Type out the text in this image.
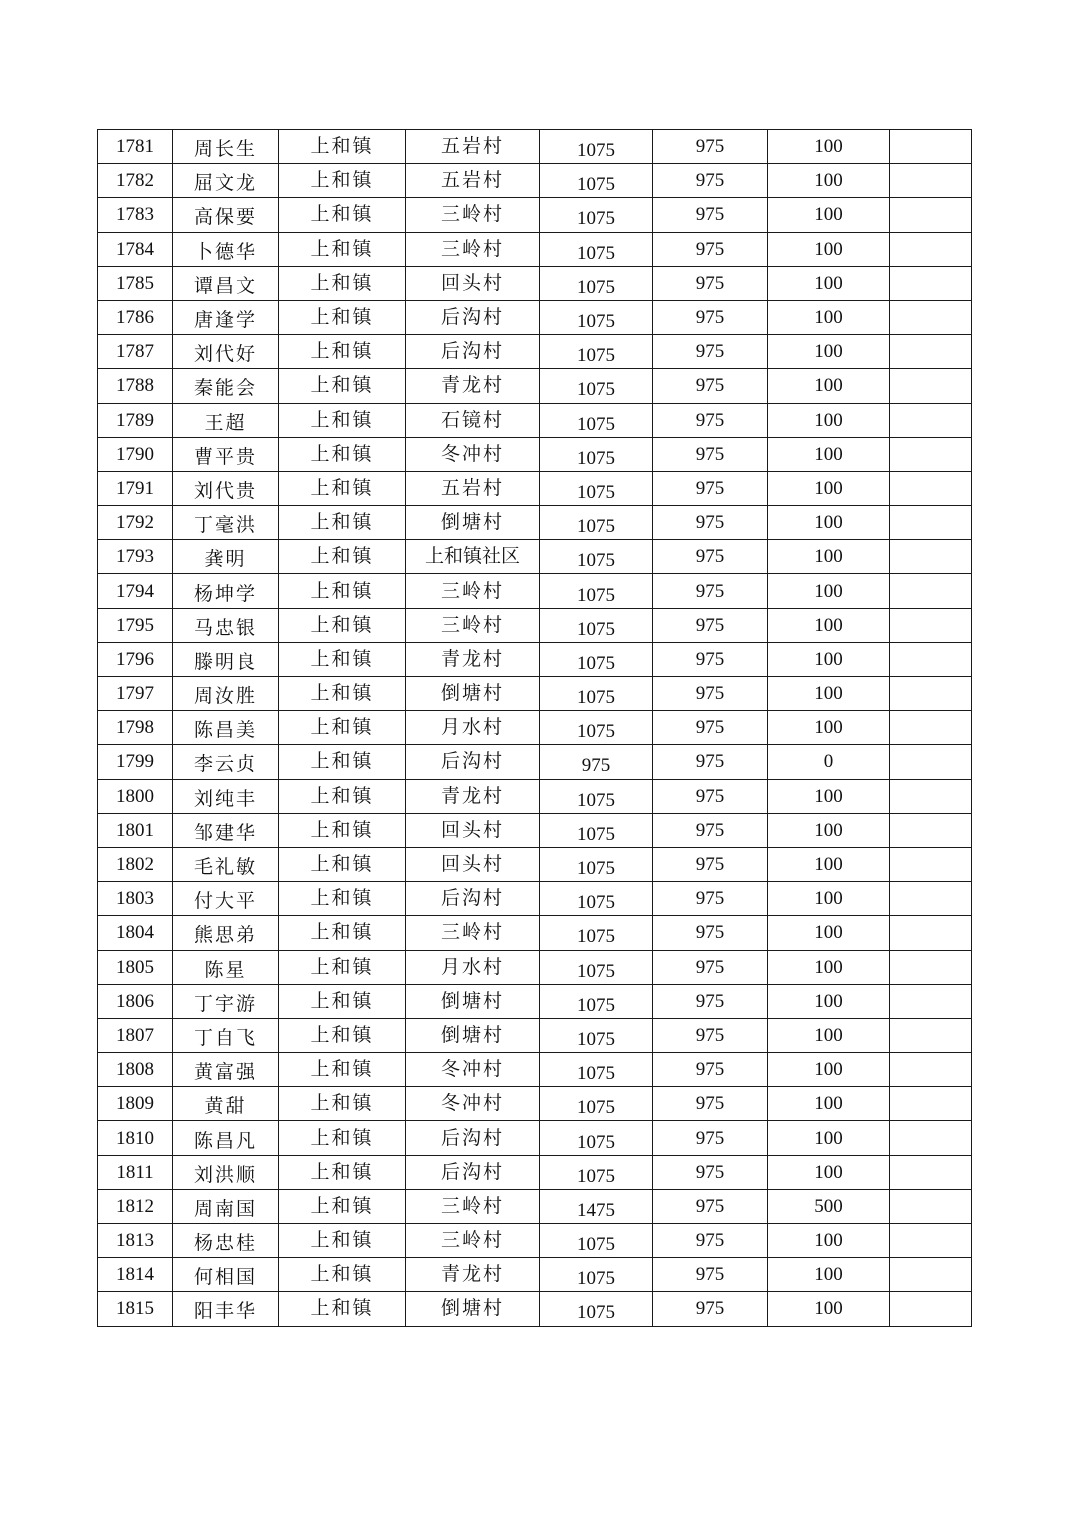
1781	周长生	上和镇	五岩村	1075	975	100	
1782	屈文龙	上和镇	五岩村	1075	975	100	
1783	高保要	上和镇	三岭村	1075	975	100	
1784	卜德华	上和镇	三岭村	1075	975	100	
1785	谭昌文	上和镇	回头村	1075	975	100	
1786	唐逢学	上和镇	后沟村	1075	975	100	
1787	刘代好	上和镇	后沟村	1075	975	100	
1788	秦能会	上和镇	青龙村	1075	975	100	
1789	王超	上和镇	石镜村	1075	975	100	
1790	曹平贵	上和镇	冬冲村	1075	975	100	
1791	刘代贵	上和镇	五岩村	1075	975	100	
1792	丁毫洪	上和镇	倒塘村	1075	975	100	
1793	龚明	上和镇	上和镇社区	1075	975	100	
1794	杨坤学	上和镇	三岭村	1075	975	100	
1795	马忠银	上和镇	三岭村	1075	975	100	
1796	滕明良	上和镇	青龙村	1075	975	100	
1797	周汝胜	上和镇	倒塘村	1075	975	100	
1798	陈昌美	上和镇	月水村	1075	975	100	
1799	李云贞	上和镇	后沟村	975	975	0	
1800	刘纯丰	上和镇	青龙村	1075	975	100	
1801	邹建华	上和镇	回头村	1075	975	100	
1802	毛礼敏	上和镇	回头村	1075	975	100	
1803	付大平	上和镇	后沟村	1075	975	100	
1804	熊思弟	上和镇	三岭村	1075	975	100	
1805	陈星	上和镇	月水村	1075	975	100	
1806	丁宇游	上和镇	倒塘村	1075	975	100	
1807	丁自飞	上和镇	倒塘村	1075	975	100	
1808	黄富强	上和镇	冬冲村	1075	975	100	
1809	黄甜	上和镇	冬冲村	1075	975	100	
1810	陈昌凡	上和镇	后沟村	1075	975	100	
1811	刘洪顺	上和镇	后沟村	1075	975	100	
1812	周南国	上和镇	三岭村	1475	975	500	
1813	杨忠桂	上和镇	三岭村	1075	975	100	
1814	何相国	上和镇	青龙村	1075	975	100	
1815	阳丰华	上和镇	倒塘村	1075	975	100	
